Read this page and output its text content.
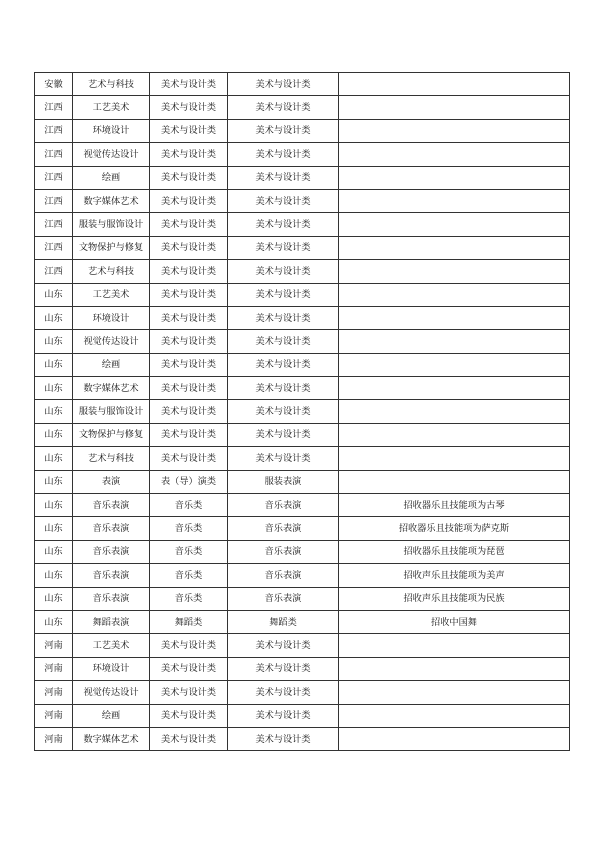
安徽	艺术与科技	美术与设计类	美术与设计类	
江西	工艺美术	美术与设计类	美术与设计类	
江西	环境设计	美术与设计类	美术与设计类	
江西	视觉传达设计	美术与设计类	美术与设计类	
江西	绘画	美术与设计类	美术与设计类	
江西	数字媒体艺术	美术与设计类	美术与设计类	
江西	服装与服饰设计	美术与设计类	美术与设计类	
江西	文物保护与修复	美术与设计类	美术与设计类	
江西	艺术与科技	美术与设计类	美术与设计类	
山东	工艺美术	美术与设计类	美术与设计类	
山东	环境设计	美术与设计类	美术与设计类	
山东	视觉传达设计	美术与设计类	美术与设计类	
山东	绘画	美术与设计类	美术与设计类	
山东	数字媒体艺术	美术与设计类	美术与设计类	
山东	服装与服饰设计	美术与设计类	美术与设计类	
山东	文物保护与修复	美术与设计类	美术与设计类	
山东	艺术与科技	美术与设计类	美术与设计类	
山东	表演	表（导）演类	服装表演	
山东	音乐表演	音乐类	音乐表演	招收器乐且技能项为古琴
山东	音乐表演	音乐类	音乐表演	招收器乐且技能项为萨克斯
山东	音乐表演	音乐类	音乐表演	招收器乐且技能项为琵琶
山东	音乐表演	音乐类	音乐表演	招收声乐且技能项为美声
山东	音乐表演	音乐类	音乐表演	招收声乐且技能项为民族
山东	舞蹈表演	舞蹈类	舞蹈类	招收中国舞
河南	工艺美术	美术与设计类	美术与设计类	
河南	环境设计	美术与设计类	美术与设计类	
河南	视觉传达设计	美术与设计类	美术与设计类	
河南	绘画	美术与设计类	美术与设计类	
河南	数字媒体艺术	美术与设计类	美术与设计类	
